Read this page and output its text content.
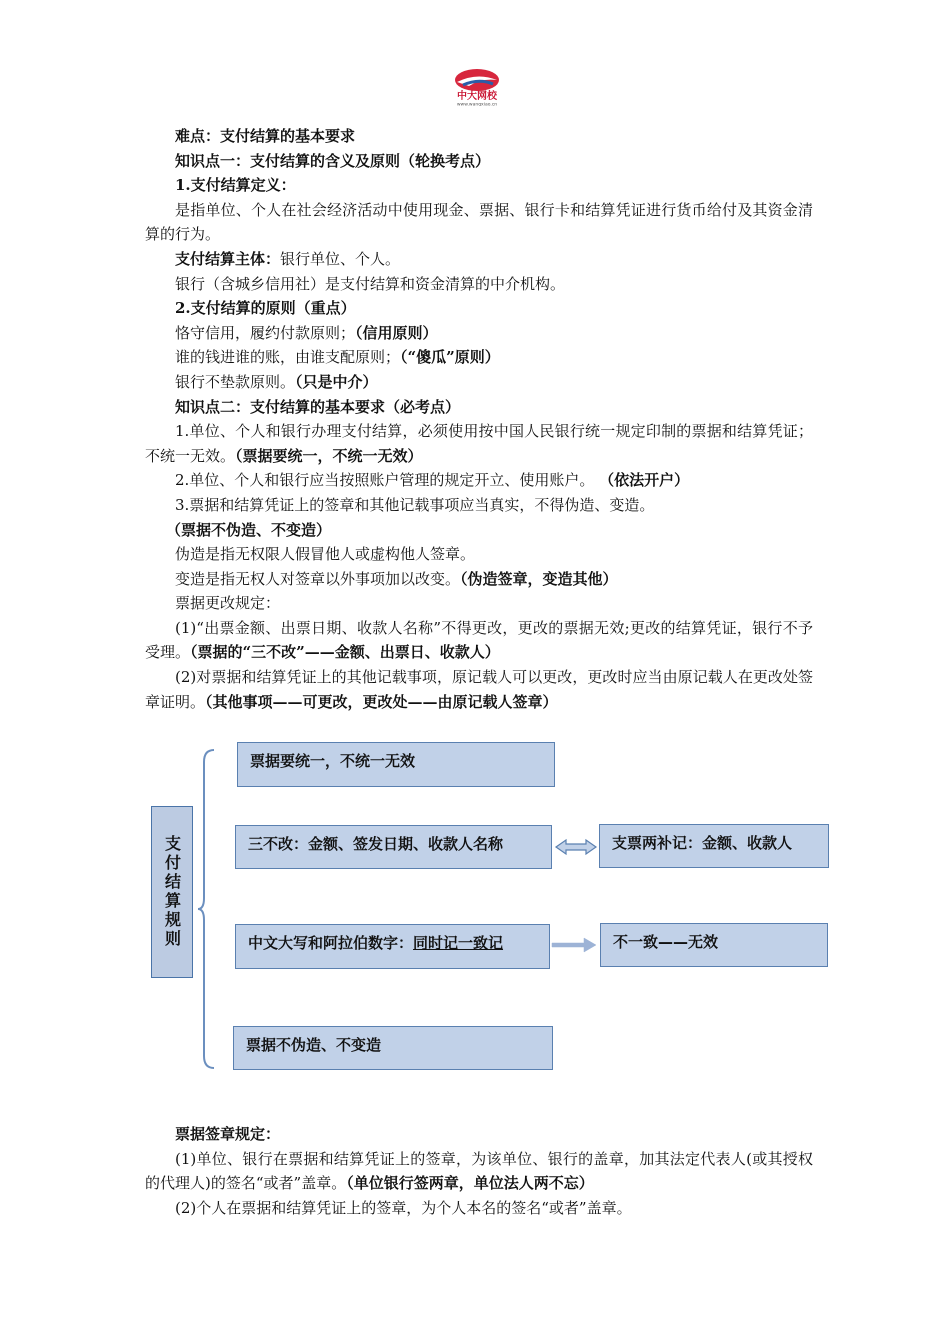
中大网校
www.wangxiao.cn

难点：支付结算的基本要求

知识点一：支付结算的含义及原则（轮换考点）

1.支付结算定义：

是指单位、个人在社会经济活动中使用现金、票据、银行卡和结算凭证进行货币给付及其资金清算的行为。

支付结算主体：银行单位、个人。

银行（含城乡信用社）是支付结算和资金清算的中介机构。

2.支付结算的原则（重点）

恪守信用，履约付款原则；（信用原则）

谁的钱进谁的账，由谁支配原则；（“傻瓜”原则）

银行不垫款原则。（只是中介）

知识点二：支付结算的基本要求（必考点）

1.单位、个人和银行办理支付结算，必须使用按中国人民银行统一规定印制的票据和结算凭证；不统一无效。（票据要统一，不统一无效）

2.单位、个人和银行应当按照账户管理的规定开立、使用账户。 （依法开户）

3.票据和结算凭证上的签章和其他记载事项应当真实，不得伪造、变造。

（票据不伪造、不变造）

伪造是指无权限人假冒他人或虚构他人签章。

变造是指无权人对签章以外事项加以改变。（伪造签章，变造其他）

票据更改规定：

(1)“出票金额、出票日期、收款人名称”不得更改，更改的票据无效;更改的结算凭证，银行不予受理。（票据的“三不改”——金额、出票日、收款人）

(2)对票据和结算凭证上的其他记载事项，原记载人可以更改，更改时应当由原记载人在更改处签章证明。（其他事项——可更改，更改处——由原记载人签章）

支付结算规则
票据要统一，不统一无效
三不改：金额、签发日期、收款人名称	支票两补记：金额、收款人
中文大写和阿拉伯数字：同时记一致记	不一致——无效
票据不伪造、不变造

票据签章规定：

(1)单位、银行在票据和结算凭证上的签章，为该单位、银行的盖章，加其法定代表人(或其授权的代理人)的签名“或者”盖章。（单位银行签两章，单位法人两不忘）

(2)个人在票据和结算凭证上的签章，为个人本名的签名“或者”盖章。
